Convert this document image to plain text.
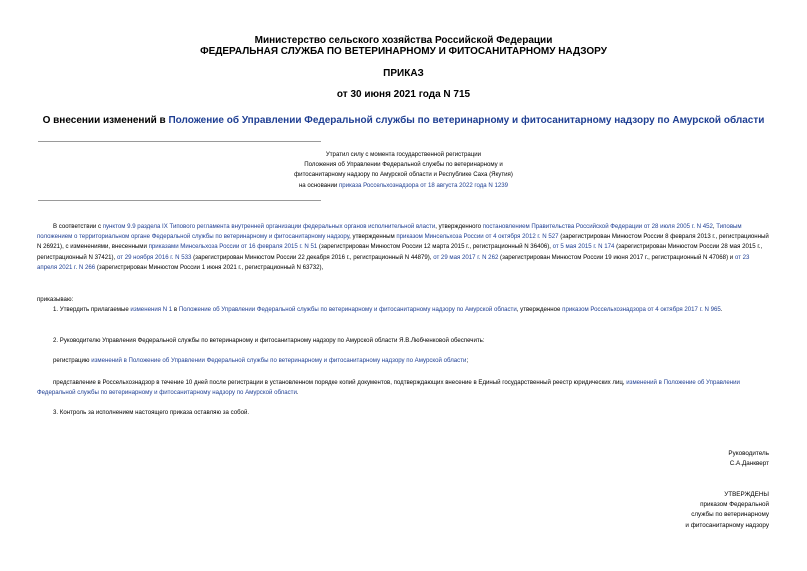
Министерство сельского хозяйства Российской Федерации
ФЕДЕРАЛЬНАЯ СЛУЖБА ПО ВЕТЕРИНАРНОМУ И ФИТОСАНИТАРНОМУ НАДЗОРУ
ПРИКАЗ
от 30 июня 2021 года N 715
О внесении изменений в Положение об Управлении Федеральной службы по ветеринарному и фитосанитарному надзору по Амурской области
Утратил силу с момента государственной регистрации
Положения об Управлении Федеральной службы по ветеринарному и
фитосанитарному надзору по Амурской области и Республике Саха (Якутия)
на основании приказа Россельхознадзора от 18 августа 2022 года N 1239
В соответствии с пунктом 9.9 раздела IX Типового регламента внутренней организации федеральных органов исполнительной власти, утвержденного постановлением Правительства Российской Федерации от 28 июля 2005 г. N 452, Типовым положением о территориальном органе Федеральной службы по ветеринарному и фитосанитарному надзору, утвержденным приказом Минсельхоза России от 4 октября 2012 г. N 527 (зарегистрирован Минюстом России 8 февраля 2013 г., регистрационный N 26921), с изменениями, внесенными приказами Минсельхоза России от 16 февраля 2015 г. N 51 (зарегистрирован Минюстом России 12 марта 2015 г., регистрационный N 36406), от 5 мая 2015 г. N 174 (зарегистрирован Минюстом России 28 мая 2015 г., регистрационный N 37421), от 29 ноября 2016 г. N 533 (зарегистрирован Минюстом России 22 декабря 2016 г., регистрационный N 44879), от 29 мая 2017 г. N 262 (зарегистрирован Минюстом России 19 июня 2017 г., регистрационный N 47068) и от 23 апреля 2021 г. N 266 (зарегистрирован Минюстом России 1 июня 2021 г., регистрационный N 63732),
приказываю:
1. Утвердить прилагаемые изменения N 1 в Положение об Управлении Федеральной службы по ветеринарному и фитосанитарному надзору по Амурской области, утвержденное приказом Россельхознадзора от 4 октября 2017 г. N 965.
2. Руководителю Управления Федеральной службы по ветеринарному и фитосанитарному надзору по Амурской области Я.В.Любченковой обеспечить:
регистрацию изменений в Положение об Управлении Федеральной службы по ветеринарному и фитосанитарному надзору по Амурской области;
представление в Россельхознадзор в течение 10 дней после регистрации в установленном порядке копий документов, подтверждающих внесение в Единый государственный реестр юридических лиц, изменений в Положение об Управлении Федеральной службы по ветеринарному и фитосанитарному надзору по Амурской области.
3. Контроль за исполнением настоящего приказа оставляю за собой.
Руководитель
С.А.Данкверт
УТВЕРЖДЕНЫ
приказом Федеральной
службы по ветеринарному
и фитосанитарному надзору
